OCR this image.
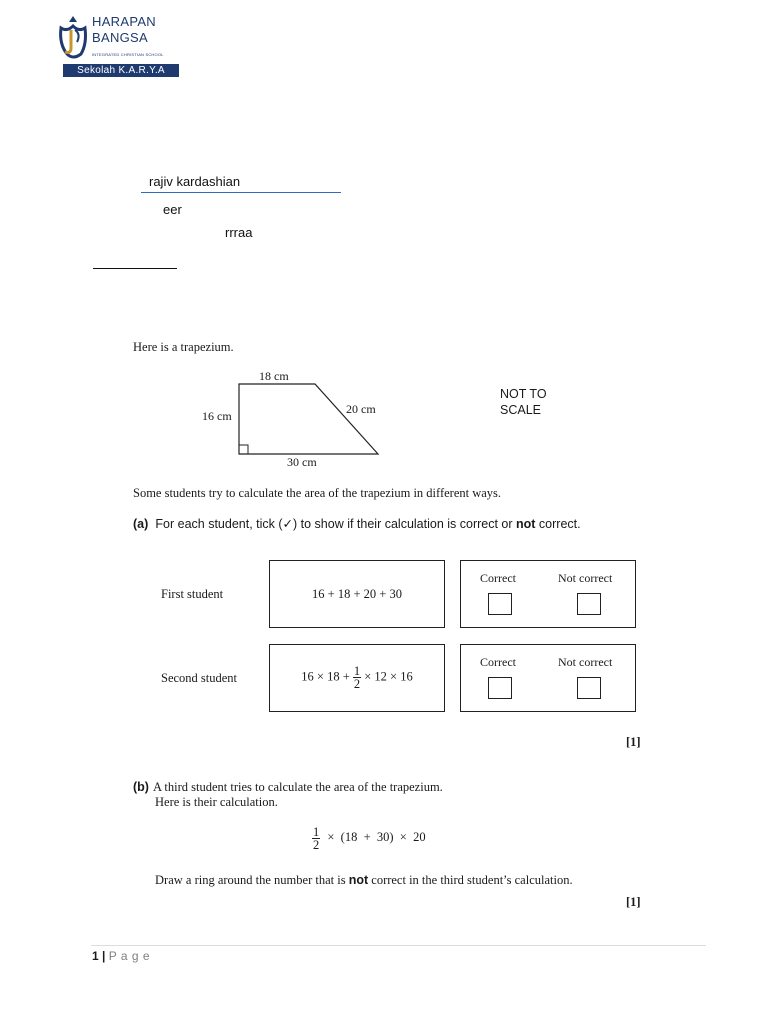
HARAPAN
BANGSA
INTEGRATED CHRISTIAN SCHOOL
Sekolah K.A.R.Y.A
rajiv kardashian
eer
rrraa
Here is a trapezium.
18 cm
16 cm	20 cm
30 cm
NOT TO
SCALE
Some students try to calculate the area of the trapezium in different ways.
(a) For each student, tick (✓) to show if their calculation is correct or not correct.
First student	16 + 18 + 20 + 30
Correct	Not correct
Second student	$16 \times 18 + \frac{1}{2} \times 12 \times 16$
Correct	Not correct
[1]
(b) A third student tries to calculate the area of the trapezium.
Here is their calculation.
$\frac{1}{2} \times (18 + 30) \times 20$
Draw a ring around the number that is not correct in the third student’s calculation.
[1]
1 | P a g e
